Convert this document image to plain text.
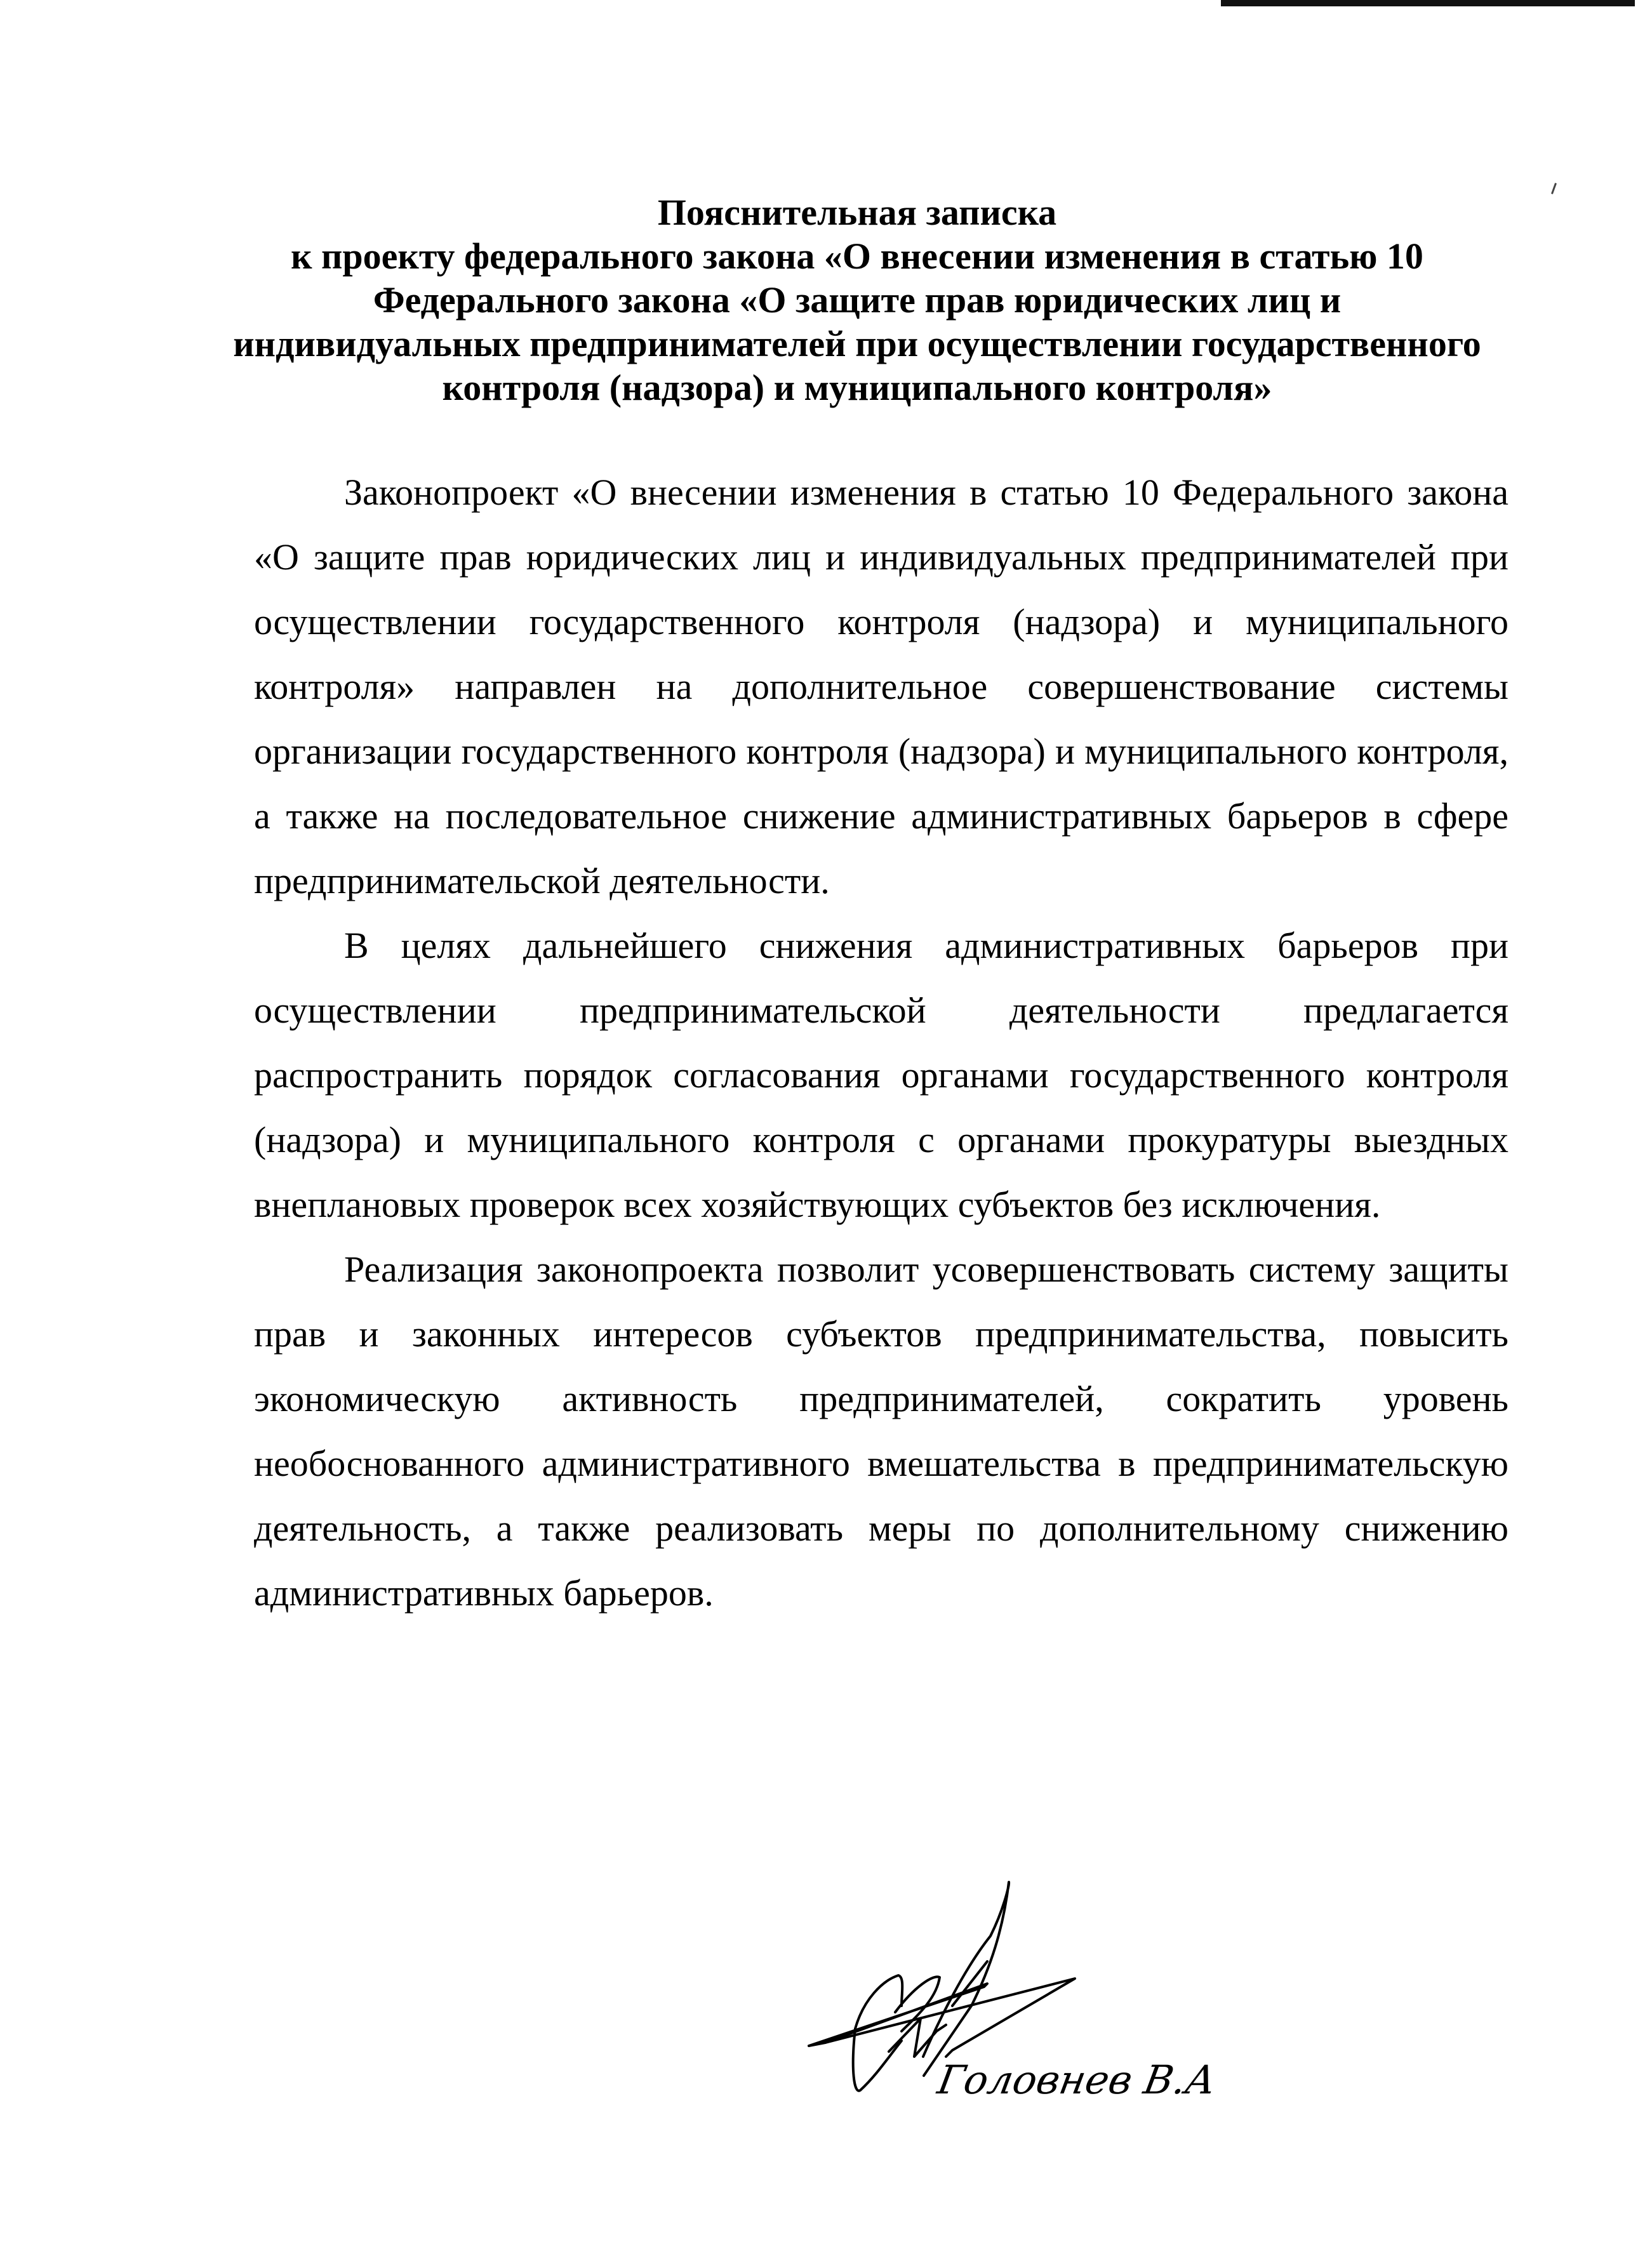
Пояснительная записка
к проекту федерального закона «О внесении изменения в статью 10
Федерального закона «О защите прав юридических лиц и
индивидуальных предпринимателей при осуществлении государственного
контроля (надзора) и муниципального контроля»
Законопроект «О внесении изменения в статью 10 Федерального закона
«О защите прав юридических лиц и индивидуальных предпринимателей при
осуществлении государственного контроля (надзора) и муниципального
контроля» направлен на дополнительное совершенствование системы
организации государственного контроля (надзора) и муниципального контроля,
а также на последовательное снижение административных барьеров в сфере
предпринимательской деятельности.
В целях дальнейшего снижения административных барьеров при
осуществлении предпринимательской деятельности предлагается
распространить порядок согласования органами государственного контроля
(надзора) и муниципального контроля с органами прокуратуры выездных
внеплановых проверок всех хозяйствующих субъектов без исключения.
Реализация законопроекта позволит усовершенствовать систему защиты
прав и законных интересов субъектов предпринимательства, повысить
экономическую активность предпринимателей, сократить уровень
необоснованного административного вмешательства в предпринимательскую
деятельность, а также реализовать меры по дополнительному снижению
административных барьеров.
Головнев В.А
